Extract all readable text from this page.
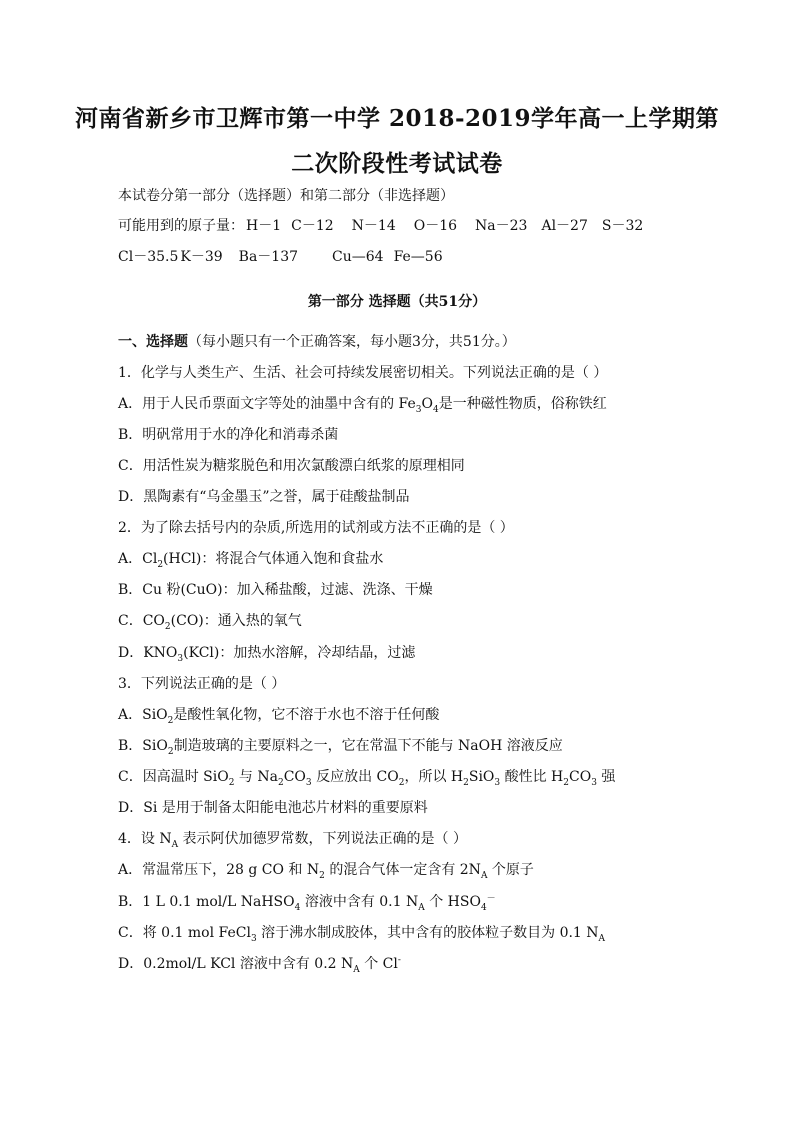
河南省新乡市卫辉市第一中学 2018-2019学年高一上学期第
二次阶段性考试试卷
本试卷分第一部分（选择题）和第二部分（非选择题）
可能用到的原子量： H－1 C－12 N－14 O－16 Na－23 Al－27 S－32
Cl－35.5 K－39 Ba－137 Cu—64 Fe—56
第一部分 选择题（共51分）
一、选择题（每小题只有一个正确答案，每小题3分，共51分。）
1．化学与人类生产、生活、社会可持续发展密切相关。下列说法正确的是（ ）
A．用于人民币票面文字等处的油墨中含有的 $Fe_3O_4$是一种磁性物质，俗称铁红
B．明矾常用于水的净化和消毒杀菌
C．用活性炭为糖浆脱色和用次氯酸漂白纸浆的原理相同
D．黑陶素有“乌金墨玉”之誉，属于硅酸盐制品
2．为了除去括号内的杂质,所选用的试剂或方法不正确的是（ ）
A．$Cl_2(HCl)$：将混合气体通入饱和食盐水
B．Cu 粉(CuO)：加入稀盐酸，过滤、洗涤、干燥
C．$CO_2(CO)$：通入热的氧气
D．$KNO_3(KCl)$：加热水溶解，冷却结晶，过滤
3．下列说法正确的是（ ）
A．SiO$_2$是酸性氧化物，它不溶于水也不溶于任何酸
B．SiO$_2$制造玻璃的主要原料之一，它在常温下不能与 NaOH 溶液反应
C．因高温时 SiO$_2$ 与 $Na_2CO_3$ 反应放出 $CO_2$，所以 $H_2SiO_3$ 酸性比 $H_2CO_3$ 强
D．Si 是用于制备太阳能电池芯片材料的重要原料
4．设 $N_A$ 表示阿伏加德罗常数，下列说法正确的是（ ）
A．常温常压下，28 g CO 和 $N_2$ 的混合气体一定含有 $2N_A$ 个原子
B．1 L 0.1 mol/L NaHSO$_4$ 溶液中含有 0.1 $N_A$ 个 $HSO_4^-$
C．将 0.1 mol FeCl$_3$ 溶于沸水制成胶体，其中含有的胶体粒子数目为 0.1 $N_A$
D．0.2mol/L KCl 溶液中含有 0.2 $N_A$ 个 Cl-
